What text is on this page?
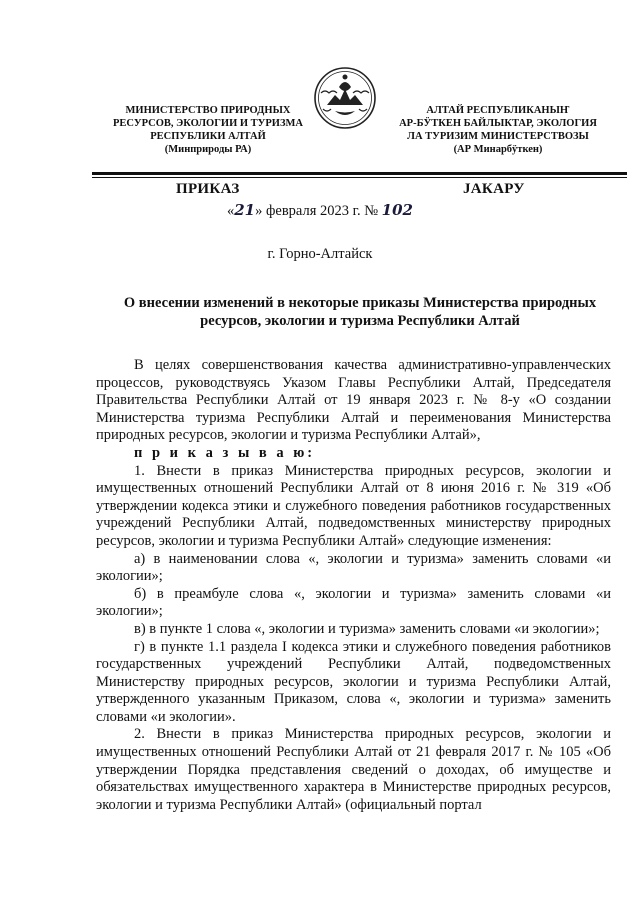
МИНИСТЕРСТВО ПРИРОДНЫХ
РЕСУРСОВ, ЭКОЛОГИИ И ТУРИЗМА
РЕСПУБЛИКИ АЛТАЙ
(Минприроды РА)
АЛТАЙ РЕСПУБЛИКАНЫҤ
АР-БӰТКЕН БАЙЛЫКТАР, ЭКОЛОГИЯ
ЛА ТУРИЗИМ МИНИСТЕРСТВОЗЫ
(АР Минарбӱткен)
ПРИКАЗ	JАКАРУ
«21» февраля 2023 г. № 102
г. Горно-Алтайск
О внесении изменений в некоторые приказы Министерства природных ресурсов, экологии и туризма Республики Алтай

В целях совершенствования качества административно-управленческих процессов, руководствуясь Указом Главы Республики Алтай, Председателя Правительства Республики Алтай от 19 января 2023 г. № 8-у «О создании Министерства туризма Республики Алтай и переименования Министерства природных ресурсов, экологии и туризма Республики Алтай»,

п р и к а з ы в а ю:

1. Внести в приказ Министерства природных ресурсов, экологии и имущественных отношений Республики Алтай от 8 июня 2016 г. № 319 «Об утверждении кодекса этики и служебного поведения работников государственных учреждений Республики Алтай, подведомственных министерству природных ресурсов, экологии и туризма Республики Алтай» следующие изменения:

а) в наименовании слова «, экологии и туризма» заменить словами «и экологии»;

б) в преамбуле слова «, экологии и туризма» заменить словами «и экологии»;

в) в пункте 1 слова «, экологии и туризма» заменить словами «и экологии»;

г) в пункте 1.1 раздела I кодекса этики и служебного поведения работников государственных учреждений Республики Алтай, подведомственных Министерству природных ресурсов, экологии и туризма Республики Алтай, утвержденного указанным Приказом, слова «, экологии и туризма» заменить словами «и экологии».

2. Внести в приказ Министерства природных ресурсов, экологии и имущественных отношений Республики Алтай от 21 февраля 2017 г. № 105 «Об утверждении Порядка представления сведений о доходах, об имуществе и обязательствах имущественного характера в Министерстве природных ресурсов, экологии и туризма Республики Алтай» (официальный портал
